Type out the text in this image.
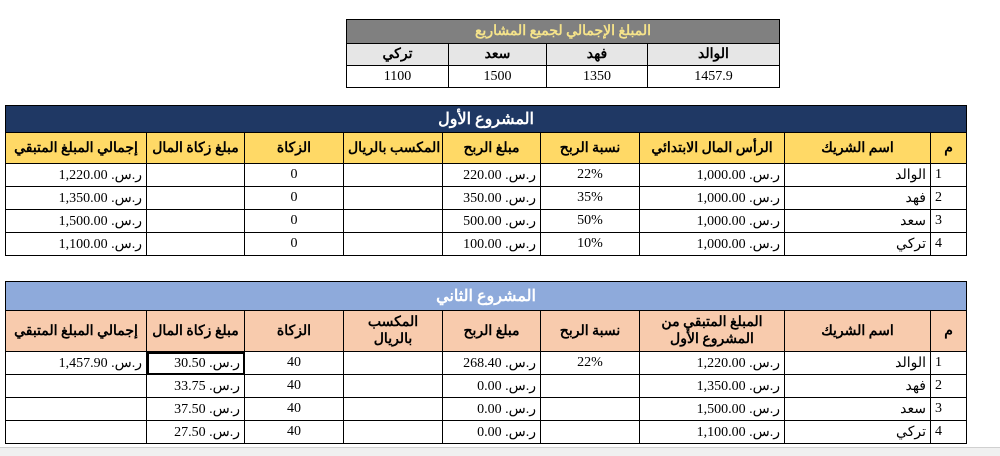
المبلغ الإجمالي لجميع المشاريع			
تركي	سعد	فهد	الوالد
1100	1500	1350	1457.9
المشروع الأول								
إجمالي المبلغ المتبقي	مبلغ زكاة المال	الزكاة	المكسب بالريال	مبلغ الربح	نسبة الربح	الرأس المال الابتدائي	اسم الشريك	م
ر.س. 1,220.00		0		ر.س. 220.00	22%	ر.س. 1,000.00	الوالد	1
ر.س. 1,350.00		0		ر.س. 350.00	35%	ر.س. 1,000.00	فهد	2
ر.س. 1,500.00		0		ر.س. 500.00	50%	ر.س. 1,000.00	سعد	3
ر.س. 1,100.00		0		ر.س. 100.00	10%	ر.س. 1,000.00	تركي	4
المشروع الثاني								
إجمالي المبلغ المتبقي	مبلغ زكاة المال	الزكاة	المكسب بالريال	مبلغ الربح	نسبة الربح	المبلغ المتبقي من المشروع الأول	اسم الشريك	م
ر.س. 1,457.90	ر.س. 30.50	40		ر.س. 268.40	22%	ر.س. 1,220.00	الوالد	1
	ر.س. 33.75	40		ر.س. 0.00		ر.س. 1,350.00	فهد	2
	ر.س. 37.50	40		ر.س. 0.00		ر.س. 1,500.00	سعد	3
	ر.س. 27.50	40		ر.س. 0.00		ر.س. 1,100.00	تركي	4
